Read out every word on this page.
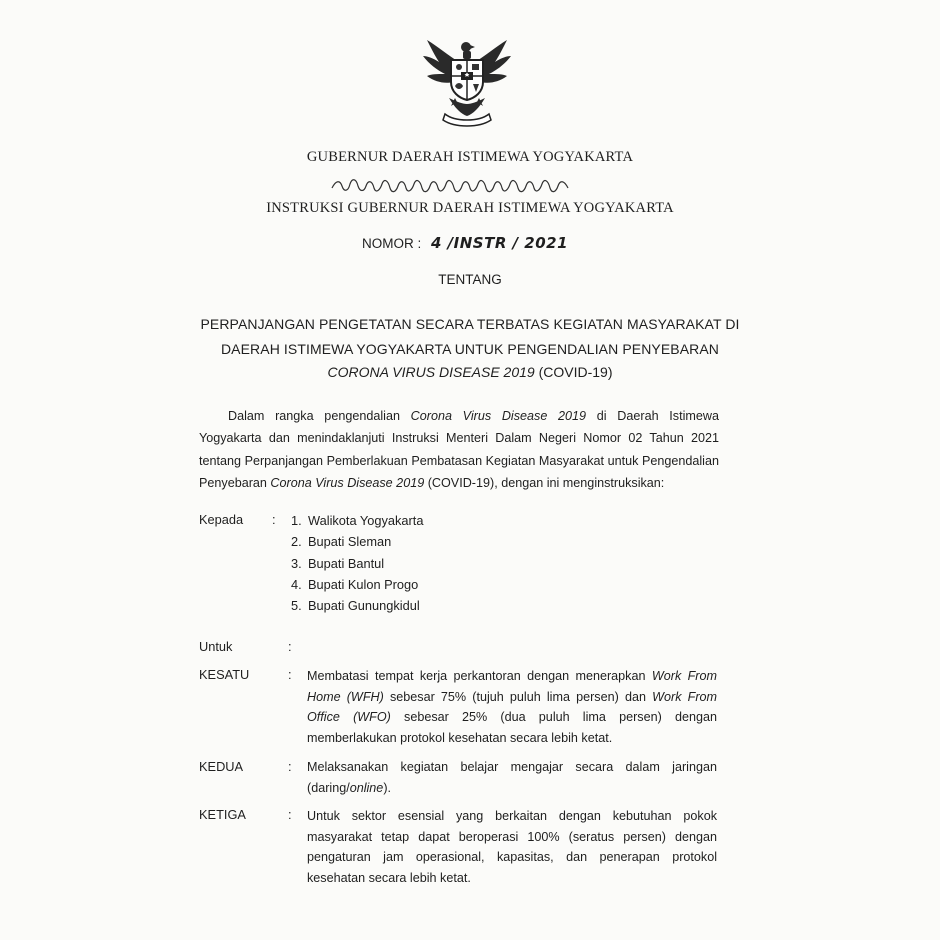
GUBERNUR DAERAH ISTIMEWA YOGYAKARTA
INSTRUKSI GUBERNUR DAERAH ISTIMEWA YOGYAKARTA
NOMOR : 4 /INSTR / 2021
TENTANG
PERPANJANGAN PENGETATAN SECARA TERBATAS KEGIATAN MASYARAKAT DI
DAERAH ISTIMEWA YOGYAKARTA UNTUK PENGENDALIAN PENYEBARAN
CORONA VIRUS DISEASE 2019 (COVID-19)
Dalam rangka pengendalian Corona Virus Disease 2019 di Daerah Istimewa Yogyakarta dan menindaklanjuti Instruksi Menteri Dalam Negeri Nomor 02 Tahun 2021 tentang Perpanjangan Pemberlakuan Pembatasan Kegiatan Masyarakat untuk Pengendalian Penyebaran Corona Virus Disease 2019 (COVID-19), dengan ini menginstruksikan:
Kepada : 1. Walikota Yogyakarta
2. Bupati Sleman
3. Bupati Bantul
4. Bupati Kulon Progo
5. Bupati Gunungkidul
Untuk	:
KESATU	: Membatasi tempat kerja perkantoran dengan menerapkan Work From Home (WFH) sebesar 75% (tujuh puluh lima persen) dan Work From Office (WFO) sebesar 25% (dua puluh lima persen) dengan memberlakukan protokol kesehatan secara lebih ketat.
KEDUA	: Melaksanakan kegiatan belajar mengajar secara dalam jaringan (daring/online).
KETIGA	: Untuk sektor esensial yang berkaitan dengan kebutuhan pokok masyarakat tetap dapat beroperasi 100% (seratus persen) dengan pengaturan jam operasional, kapasitas, dan penerapan protokol kesehatan secara lebih ketat.
